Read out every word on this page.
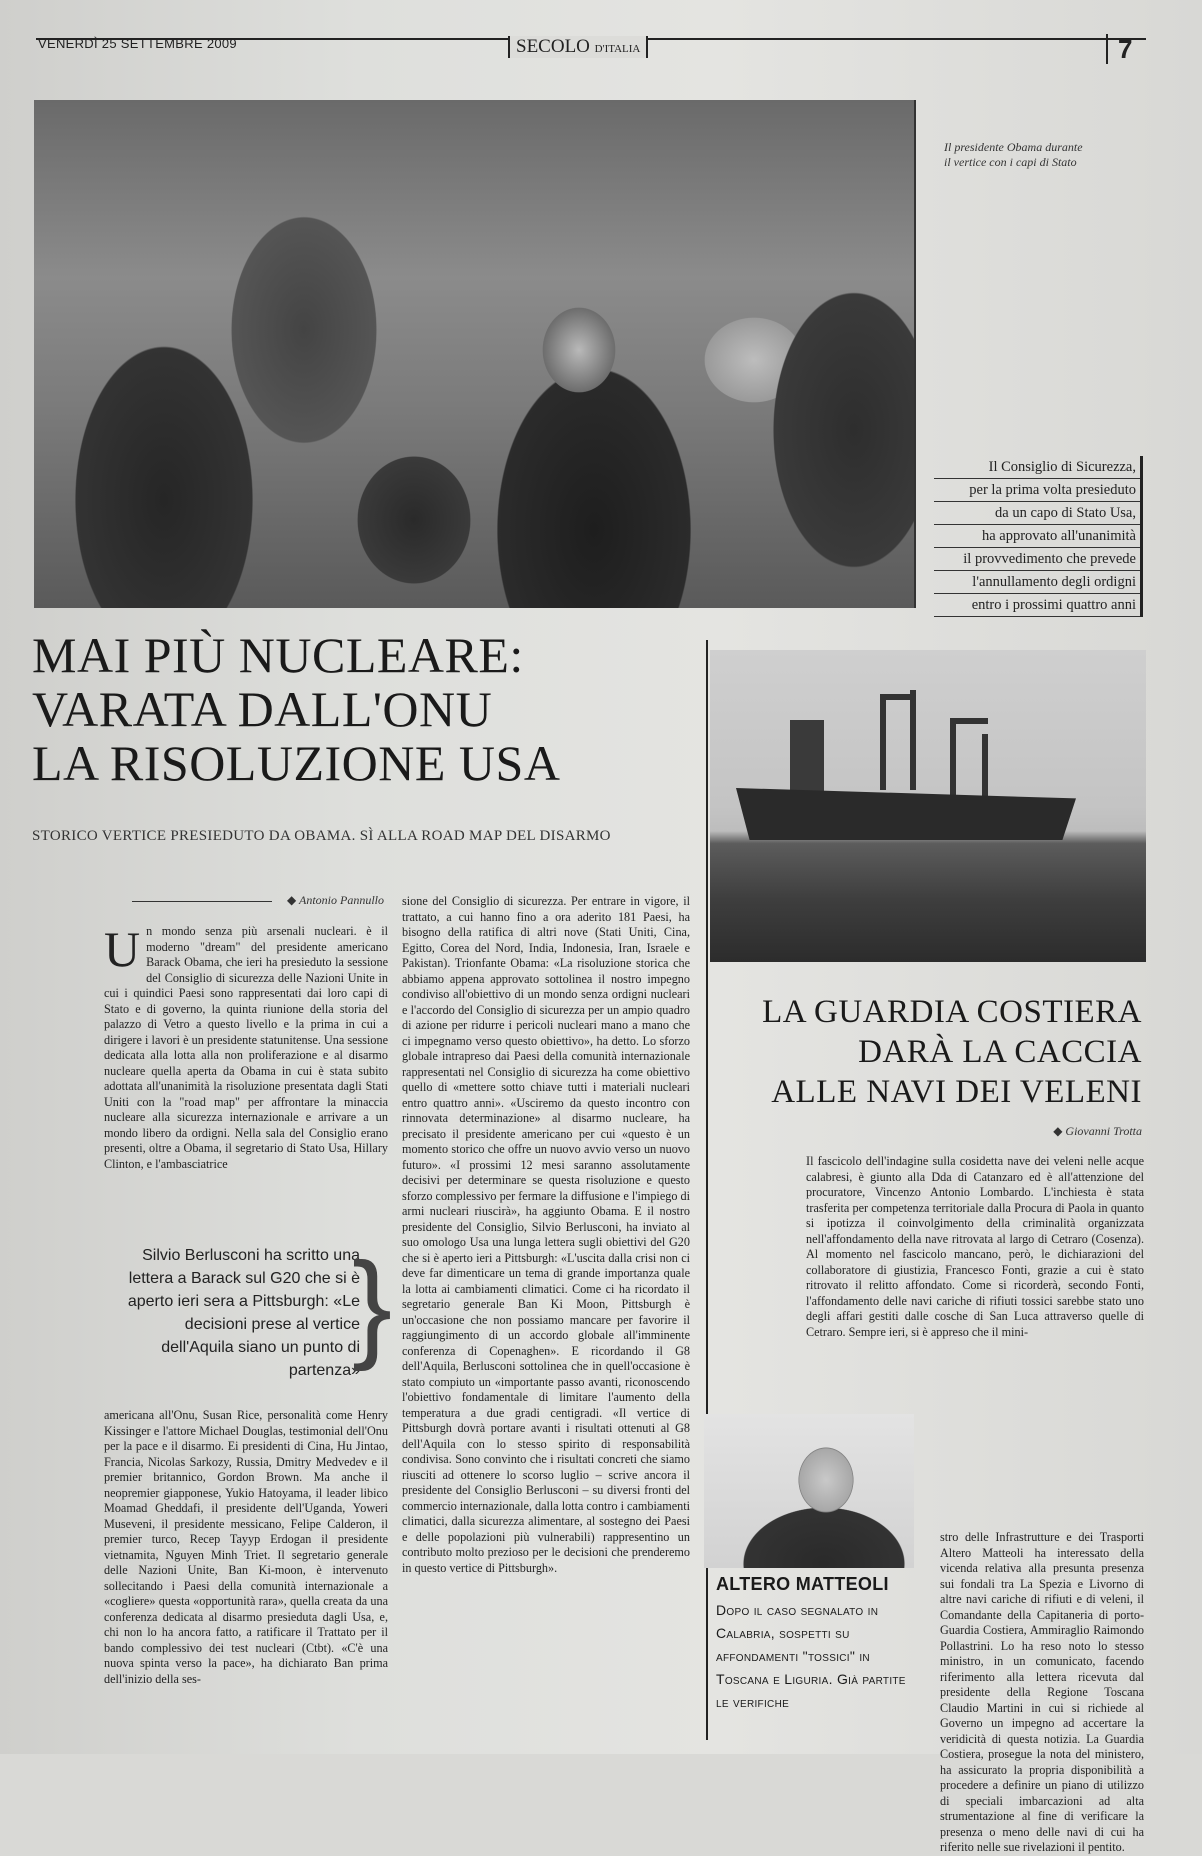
VENERDÌ 25 SETTEMBRE 2009	SECOLO D'ITALIA	7
Il presidente Obama durante il vertice con i capi di Stato
Il Consiglio di Sicurezza,
per la prima volta presieduto
da un capo di Stato Usa,
ha approvato all'unanimità
il provvedimento che prevede
l'annullamento degli ordigni
entro i prossimi quattro anni
MAI PIÙ NUCLEARE:
VARATA DALL'ONU
LA RISOLUZIONE USA
STORICO VERTICE PRESIEDUTO DA OBAMA. SÌ ALLA ROAD MAP DEL DISARMO
◆ Antonio Pannullo
Un mondo senza più arsenali nucleari. è il moderno "dream" del presidente americano Barack Obama, che ieri ha presieduto la sessione del Consiglio di sicurezza delle Nazioni Unite in cui i quindici Paesi sono rappresentati dai loro capi di Stato e di governo, la quinta riunione della storia del palazzo di Vetro a questo livello e la prima in cui a dirigere i lavori è un presidente statunitense. Una sessione dedicata alla lotta alla non proliferazione e al disarmo nucleare quella aperta da Obama in cui è stata subito adottata all'unanimità la risoluzione presentata dagli Stati Uniti con la "road map" per affrontare la minaccia nucleare alla sicurezza internazionale e arrivare a un mondo libero da ordigni. Nella sala del Consiglio erano presenti, oltre a Obama, il segretario di Stato Usa, Hillary Clinton, e l'ambasciatrice
Silvio Berlusconi ha scritto una lettera a Barack sul G20 che si è aperto ieri sera a Pittsburgh: «Le decisioni prese al vertice dell'Aquila siano un punto di partenza»
}
americana all'Onu, Susan Rice, personalità come Henry Kissinger e l'attore Michael Douglas, testimonial dell'Onu per la pace e il disarmo. Ei presidenti di Cina, Hu Jintao, Francia, Nicolas Sarkozy, Russia, Dmitry Medvedev e il premier britannico, Gordon Brown. Ma anche il neopremier giapponese, Yukio Hatoyama, il leader libico Moamad Gheddafi, il presidente dell'Uganda, Yoweri Museveni, il presidente messicano, Felipe Calderon, il premier turco, Recep Tayyp Erdogan il presidente vietnamita, Nguyen Minh Triet. Il segretario generale delle Nazioni Unite, Ban Ki-moon, è intervenuto sollecitando i Paesi della comunità internazionale a «cogliere» questa «opportunità rara», quella creata da una conferenza dedicata al disarmo presieduta dagli Usa, e, chi non lo ha ancora fatto, a ratificare il Trattato per il bando complessivo dei test nucleari (Ctbt). «C'è una nuova spinta verso la pace», ha dichiarato Ban prima dell'inizio della ses-
sione del Consiglio di sicurezza. Per entrare in vigore, il trattato, a cui hanno fino a ora aderito 181 Paesi, ha bisogno della ratifica di altri nove (Stati Uniti, Cina, Egitto, Corea del Nord, India, Indonesia, Iran, Israele e Pakistan). Trionfante Obama: «La risoluzione storica che abbiamo appena approvato sottolinea il nostro impegno condiviso all'obiettivo di un mondo senza ordigni nucleari e l'accordo del Consiglio di sicurezza per un ampio quadro di azione per ridurre i pericoli nucleari mano a mano che ci impegnamo verso questo obiettivo», ha detto. Lo sforzo globale intrapreso dai Paesi della comunità internazionale rappresentati nel Consiglio di sicurezza ha come obiettivo quello di «mettere sotto chiave tutti i materiali nucleari entro quattro anni». «Usciremo da questo incontro con rinnovata determinazione» al disarmo nucleare, ha precisato il presidente americano per cui «questo è un momento storico che offre un nuovo avvio verso un nuovo futuro». «I prossimi 12 mesi saranno assolutamente decisivi per determinare se questa risoluzione e questo sforzo complessivo per fermare la diffusione e l'impiego di armi nucleari riuscirà», ha aggiunto Obama. E il nostro presidente del Consiglio, Silvio Berlusconi, ha inviato al suo omologo Usa una lunga lettera sugli obiettivi del G20 che si è aperto ieri a Pittsburgh: «L'uscita dalla crisi non ci deve far dimenticare un tema di grande importanza quale la lotta ai cambiamenti climatici. Come ci ha ricordato il segretario generale Ban Ki Moon, Pittsburgh è un'occasione che non possiamo mancare per favorire il raggiungimento di un accordo globale all'imminente conferenza di Copenaghen». E ricordando il G8 dell'Aquila, Berlusconi sottolinea che in quell'occasione è stato compiuto un «importante passo avanti, riconoscendo l'obiettivo fondamentale di limitare l'aumento della temperatura a due gradi centigradi. «Il vertice di Pittsburgh dovrà portare avanti i risultati ottenuti al G8 dell'Aquila con lo stesso spirito di responsabilità condivisa. Sono convinto che i risultati concreti che siamo riusciti ad ottenere lo scorso luglio – scrive ancora il presidente del Consiglio Berlusconi – su diversi fronti del commercio internazionale, dalla lotta contro i cambiamenti climatici, dalla sicurezza alimentare, al sostegno dei Paesi e delle popolazioni più vulnerabili) rappresentino un contributo molto prezioso per le decisioni che prenderemo in questo vertice di Pittsburgh».
LA GUARDIA COSTIERA
DARÀ LA CACCIA
ALLE NAVI DEI VELENI
◆ Giovanni Trotta
Il fascicolo dell'indagine sulla cosidetta nave dei veleni nelle acque calabresi, è giunto alla Dda di Catanzaro ed è all'attenzione del procuratore, Vincenzo Antonio Lombardo. L'inchiesta è stata trasferita per competenza territoriale dalla Procura di Paola in quanto si ipotizza il coinvolgimento della criminalità organizzata nell'affondamento della nave ritrovata al largo di Cetraro (Cosenza). Al momento nel fascicolo mancano, però, le dichiarazioni del collaboratore di giustizia, Francesco Fonti, grazie a cui è stato ritrovato il relitto affondato. Come si ricorderà, secondo Fonti, l'affondamento delle navi cariche di rifiuti tossici sarebbe stato uno degli affari gestiti dalle cosche di San Luca attraverso quelle di Cetraro. Sempre ieri, si è appreso che il mini-
stro delle Infrastrutture e dei Trasporti Altero Matteoli ha interessato della vicenda relativa alla presunta presenza sui fondali tra La Spezia e Livorno di altre navi cariche di rifiuti e di veleni, il Comandante della Capitaneria di porto-Guardia Costiera, Ammiraglio Raimondo Pollastrini. Lo ha reso noto lo stesso ministro, in un comunicato, facendo riferimento alla lettera ricevuta dal presidente della Regione Toscana Claudio Martini in cui si richiede al Governo un impegno ad accertare la veridicità di questa notizia. La Guardia Costiera, prosegue la nota del ministero, ha assicurato la propria disponibilità a procedere a definire un piano di utilizzo di speciali imbarcazioni ad alta strumentazione al fine di verificare la presenza o meno delle navi di cui ha riferito nelle sue rivelazioni il pentito.
ALTERO MATTEOLI
Dopo il caso segnalato in Calabria, sospetti su affondamenti "tossici" in Toscana e Liguria. Già partite le verifiche
